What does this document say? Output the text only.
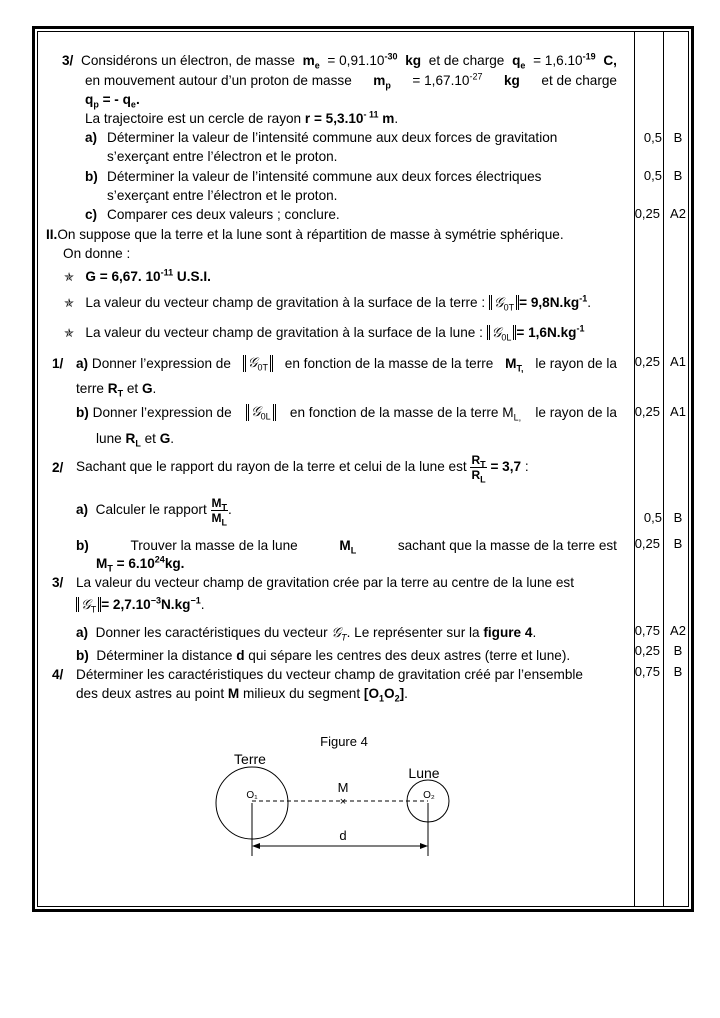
3/ Considérons un électron, de masse $m_e = 0,91.10^{-30}$ kg et de charge $q_e = 1,6.10^{-19}$ C,
en mouvement autour d’un proton de masse $m_p = 1,67.10^{-27}$ kg et de charge
$q_p$ = - $q_e$.
La trajectoire est un cercle de rayon $r = 5,3.10^{- 11}$ m.
a) Déterminer la valeur de l’intensité commune aux deux forces de gravitation
s’exerçant entre l’électron et le proton.
b) Déterminer la valeur de l’intensité commune aux deux forces électriques
s’exerçant entre l’électron et le proton.
c) Comparer ces deux valeurs ; conclure.
II.On suppose que la terre et la lune sont à répartition de masse à symétrie sphérique.
On donne :
✯ G = 6,67. $10^{-11}$ U.S.I.
✯ La valeur du vecteur champ de gravitation à la surface de la terre : 𝒢$_{0T}$ = $9,8N.kg^{-1}$.
✯ La valeur du vecteur champ de gravitation à la surface de la lune : 𝒢$_{0L}$ = $1,6N.kg^{-1}$
1/ a) Donner l’expression de	𝒢$_{0T}$	en fonction de la masse de la terre $M_{T,}$ le rayon de la
terre $R_T$ et G.
b) Donner l’expression de	𝒢$_{0L}$	en fonction de la masse de la terre $M_{L,}$ le rayon de la
lune $R_L$ et G.
2/ Sachant que le rapport du rayon de la terre et celui de la lune est $\frac{R_T}{R_L} = 3,7$ :
a) Calculer le rapport $\frac{M_T}{M_L}$ .
b)	Trouver la masse de la lune	$M_L$	sachant que la masse de la terre est
$M_T = 6.10^{24}kg$.
3/ La valeur du vecteur champ de gravitation crée par la terre au centre de la lune est
𝒢$_T$ = $2,7.10^{-3}N.kg^{-1}$.
a) Donner les caractéristiques du vecteur 𝒢$_T$. Le représenter sur la figure 4.
b) Déterminer la distance d qui sépare les centres des deux astres (terre et lune).
4/ Déterminer les caractéristiques du vecteur champ de gravitation créé par l’ensemble
des deux astres au point M milieux du segment $[O_1O_2]$.
0,5 B
0,5 B
0,25 A2
0,25 A1
0,25 A1
0,5 B
0,25	B
0,75 A2
0,25	B
0,75	B
Figure 4
Terre
Lune
O₁	O₂
M
×
d
